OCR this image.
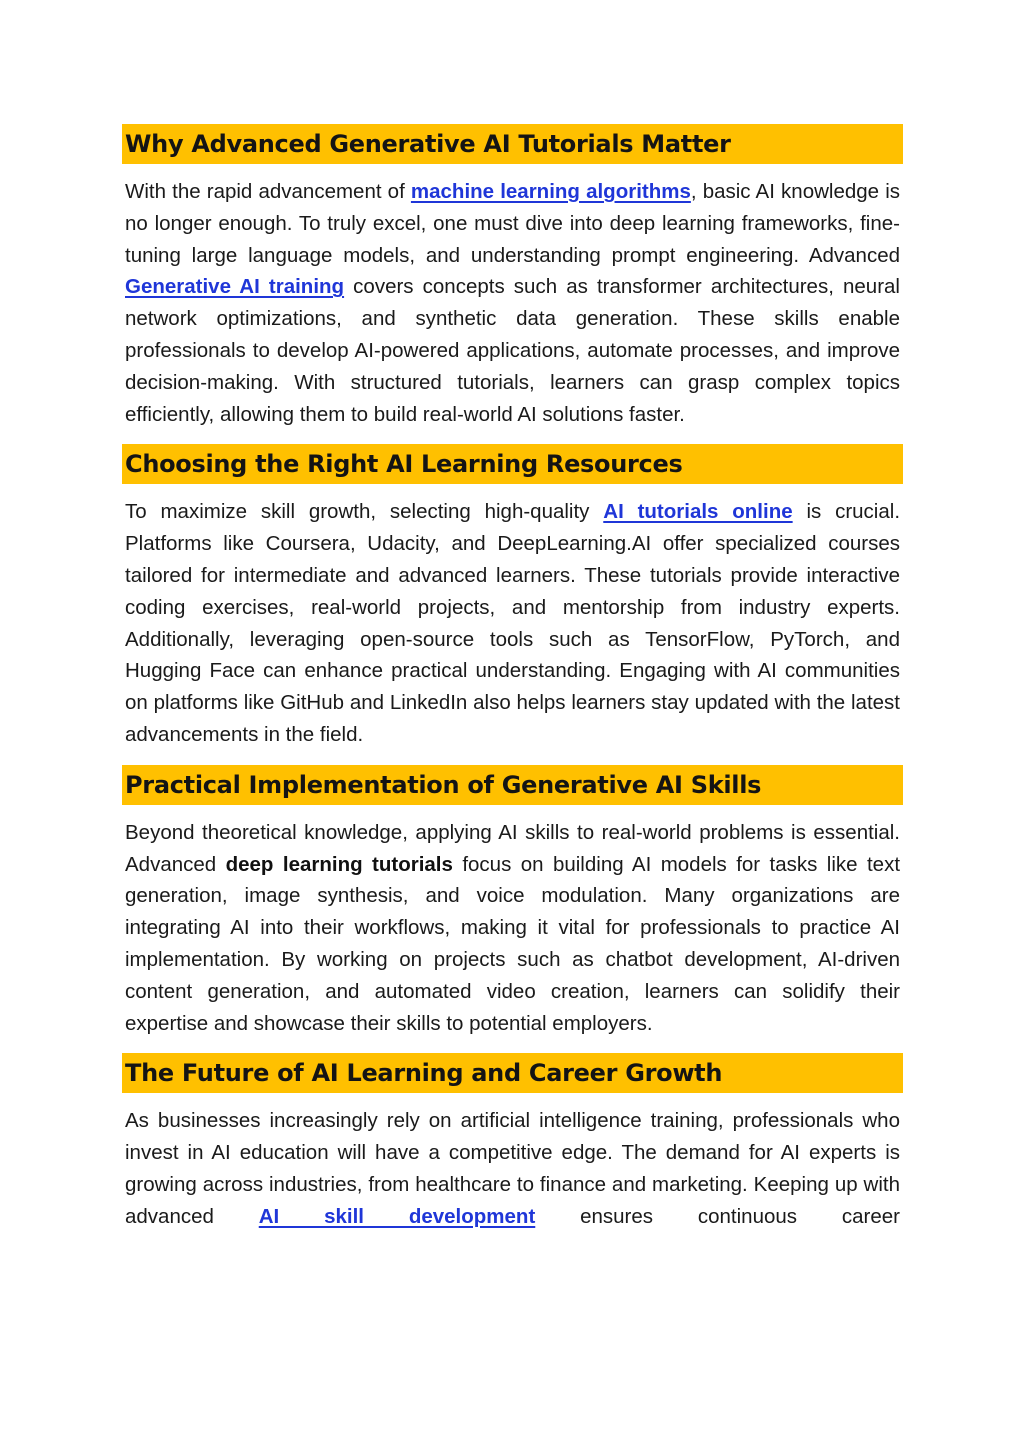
Why Advanced Generative AI Tutorials Matter

With the rapid advancement of machine learning algorithms, basic AI knowledge is no longer enough. To truly excel, one must dive into deep learning frameworks, fine-tuning large language models, and understanding prompt engineering. Advanced Generative AI training covers concepts such as transformer architectures, neural network optimizations, and synthetic data generation. These skills enable professionals to develop AI-powered applications, automate processes, and improve decision-making. With structured tutorials, learners can grasp complex topics efficiently, allowing them to build real-world AI solutions faster.

Choosing the Right AI Learning Resources

To maximize skill growth, selecting high-quality AI tutorials online is crucial. Platforms like Coursera, Udacity, and DeepLearning.AI offer specialized courses tailored for intermediate and advanced learners. These tutorials provide interactive coding exercises, real-world projects, and mentorship from industry experts. Additionally, leveraging open-source tools such as TensorFlow, PyTorch, and Hugging Face can enhance practical understanding. Engaging with AI communities on platforms like GitHub and LinkedIn also helps learners stay updated with the latest advancements in the field.

Practical Implementation of Generative AI Skills

Beyond theoretical knowledge, applying AI skills to real-world problems is essential. Advanced deep learning tutorials focus on building AI models for tasks like text generation, image synthesis, and voice modulation. Many organizations are integrating AI into their workflows, making it vital for professionals to practice AI implementation. By working on projects such as chatbot development, AI-driven content generation, and automated video creation, learners can solidify their expertise and showcase their skills to potential employers.

The Future of AI Learning and Career Growth

As businesses increasingly rely on artificial intelligence training, professionals who invest in AI education will have a competitive edge. The demand for AI experts is growing across industries, from healthcare to finance and marketing. Keeping up with advanced AI skill development ensures continuous career
